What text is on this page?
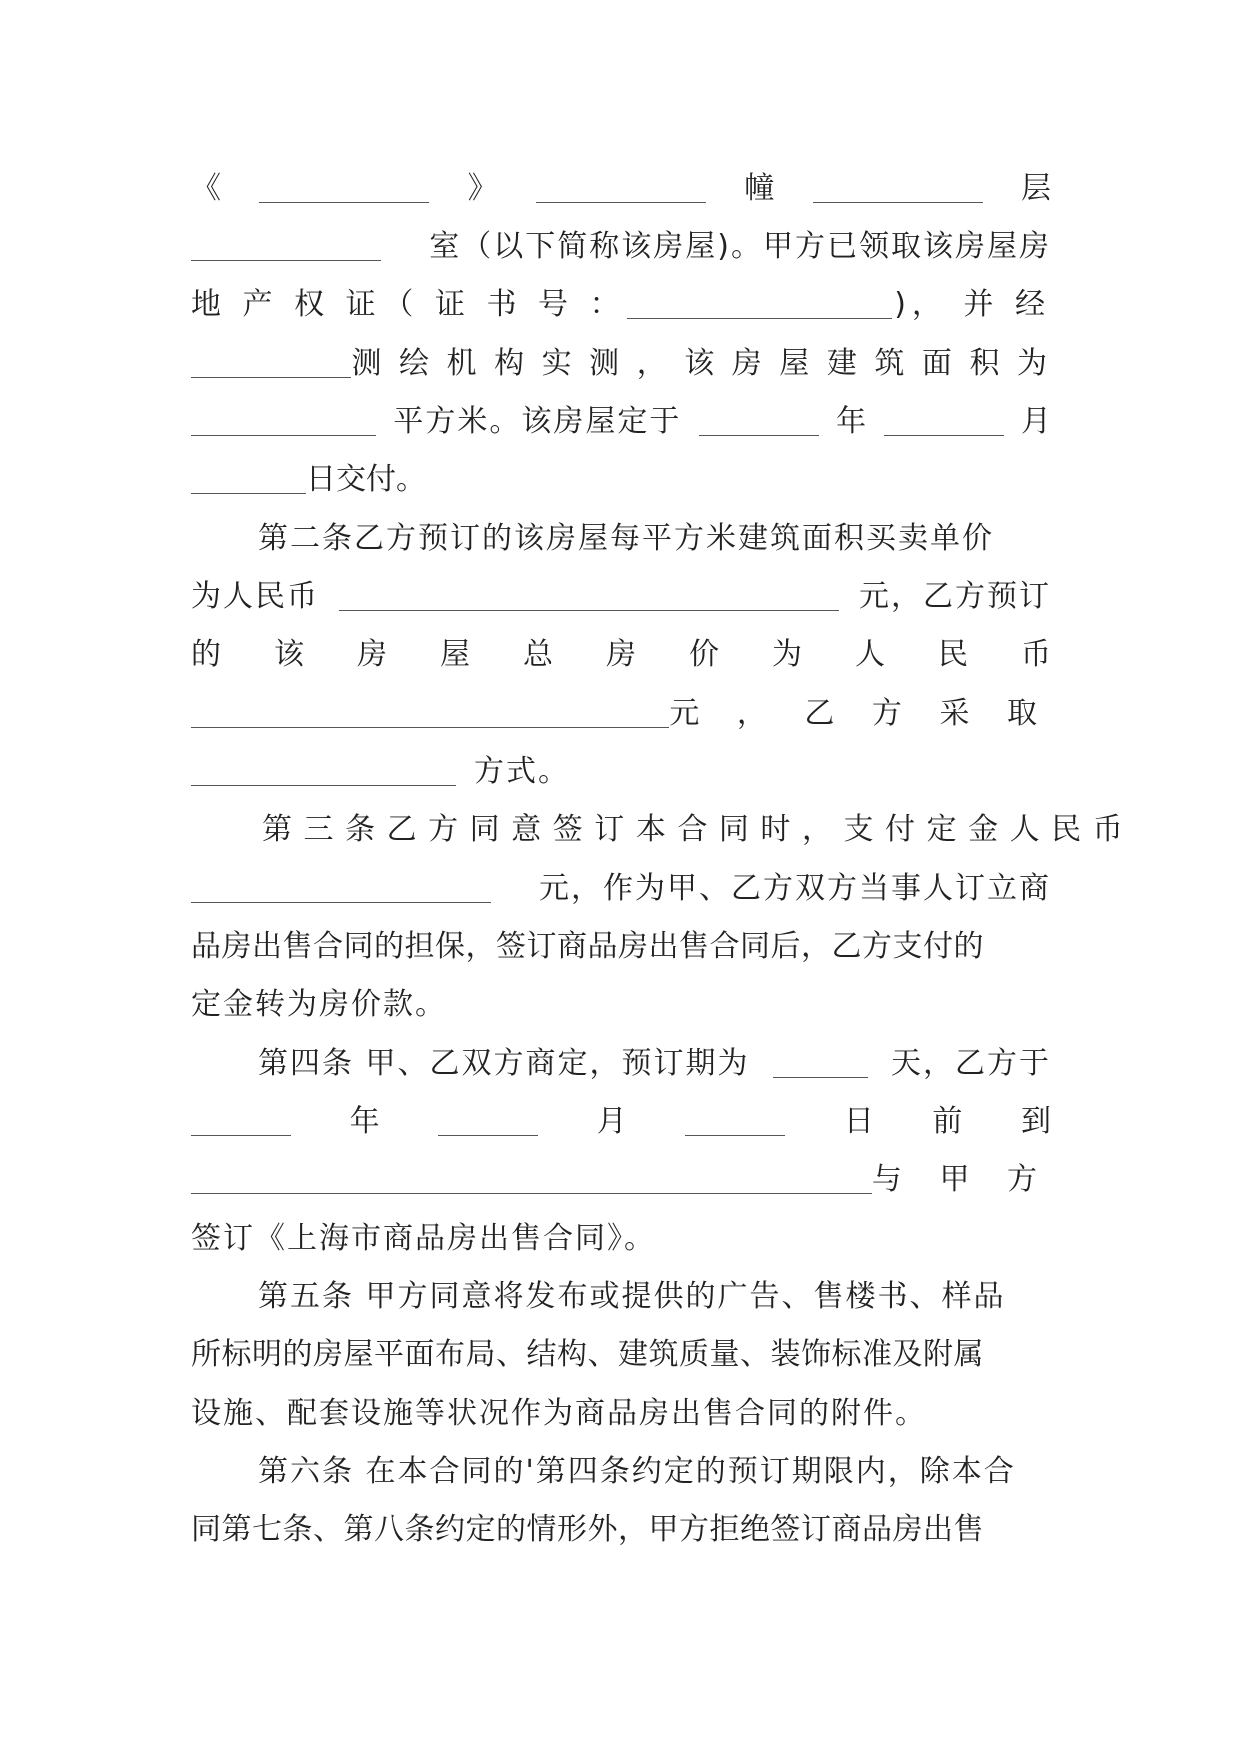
《	》	幢	层
室（以下简称该房屋)。甲方已领取该房屋房
地 产 权 证 （ 证 书 号 ：	)， 并 经
测 绘 机 构 实 测 ， 该 房 屋 建 筑 面 积 为
平方米。该房屋定于	年	月
日交付。
第二条乙方预订的该房屋每平方米建筑面积买卖单价
为人民币	元，乙方预订
的 该 房 屋 总 房 价 为 人 民 币
元 ， 乙 方 采 取
方式。
第 三 条 乙 方 同 意 签 订 本 合 同 时 ， 支 付 定 金 人 民 币
元，作为甲、乙方双方当事人订立商
品房出售合同的担保，签订商品房出售合同后，乙方支付的
定金转为房价款。
第四条 甲、乙双方商定，预订期为	天，乙方于
年	月	日 前 到
与 甲 方
签订《上海市商品房出售合同》。
第五条 甲方同意将发布或提供的广告、售楼书、样品
所标明的房屋平面布局、结构、建筑质量、装饰标准及附属
设施、配套设施等状况作为商品房出售合同的附件。
第六条 在本合同的'第四条约定的预订期限内，除本合
同第七条、第八条约定的情形外，甲方拒绝签订商品房出售
